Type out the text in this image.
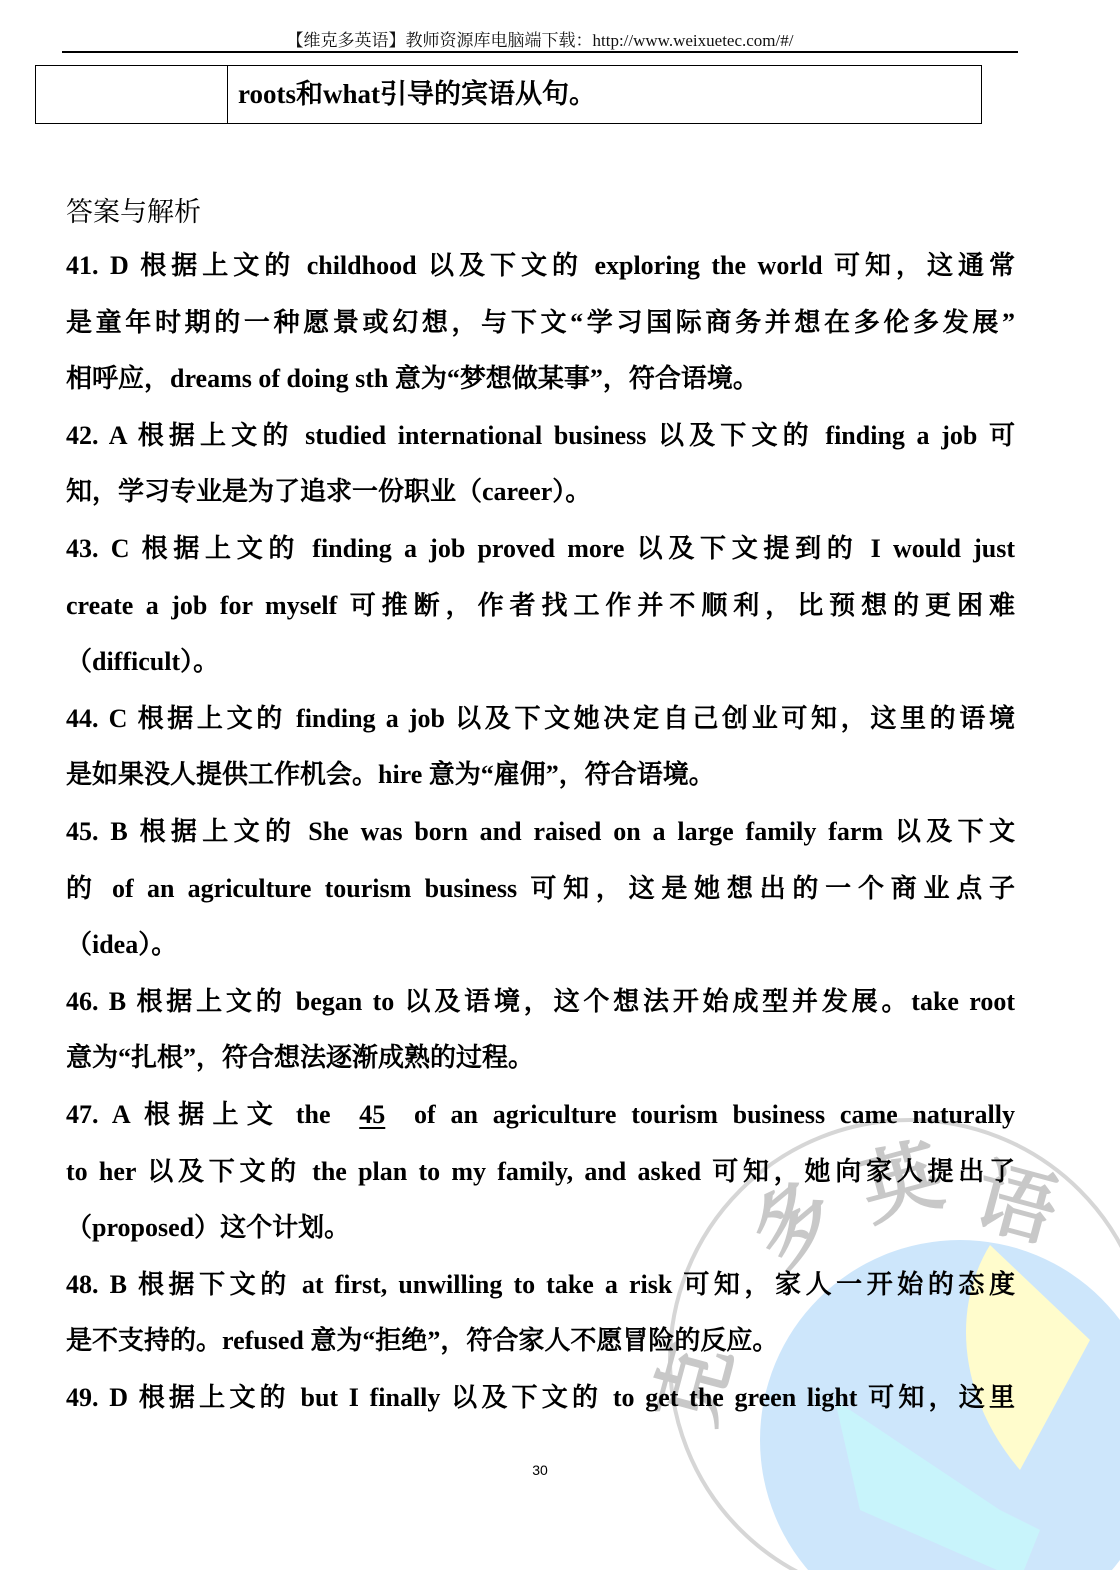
【维克多英语】教师资源库电脑端下载：http://www.weixuetec.com/#/
roots和what引导的宾语从句。
答案与解析
41. D 根据上文的 childhood 以及下文的 exploring the world 可知，这通常
是童年时期的一种愿景或幻想，与下文“学习国际商务并想在多伦多发展”
相呼应，dreams of doing sth 意为“梦想做某事”，符合语境。
42. A 根据上文的 studied international business 以及下文的 finding a job 可
知，学习专业是为了追求一份职业（career）。
43. C 根据上文的 finding a job proved more 以及下文提到的 I would just
create a job for myself 可推断，作者找工作并不顺利，比预想的更困难
（difficult）。
44. C 根据上文的 finding a job 以及下文她决定自己创业可知，这里的语境
是如果没人提供工作机会。hire 意为“雇佣”，符合语境。
45. B 根据上文的 She was born and raised on a large family farm 以及下文
的 of an agriculture tourism business 可知，这是她想出的一个商业点子
（idea）。
46. B 根据上文的 began to 以及语境，这个想法开始成型并发展。take root
意为“扎根”，符合想法逐渐成熟的过程。
47. A 根据上文 the 45 of an agriculture tourism business came naturally
to her 以及下文的 the plan to my family, and asked 可知，她向家人提出了
（proposed）这个计划。
48. B 根据下文的 at first, unwilling to take a risk 可知，家人一开始的态度
是不支持的。refused 意为“拒绝”，符合家人不愿冒险的反应。
49. D 根据上文的 but I finally 以及下文的 to get the green light 可知，这里
多
英 语
克
30
